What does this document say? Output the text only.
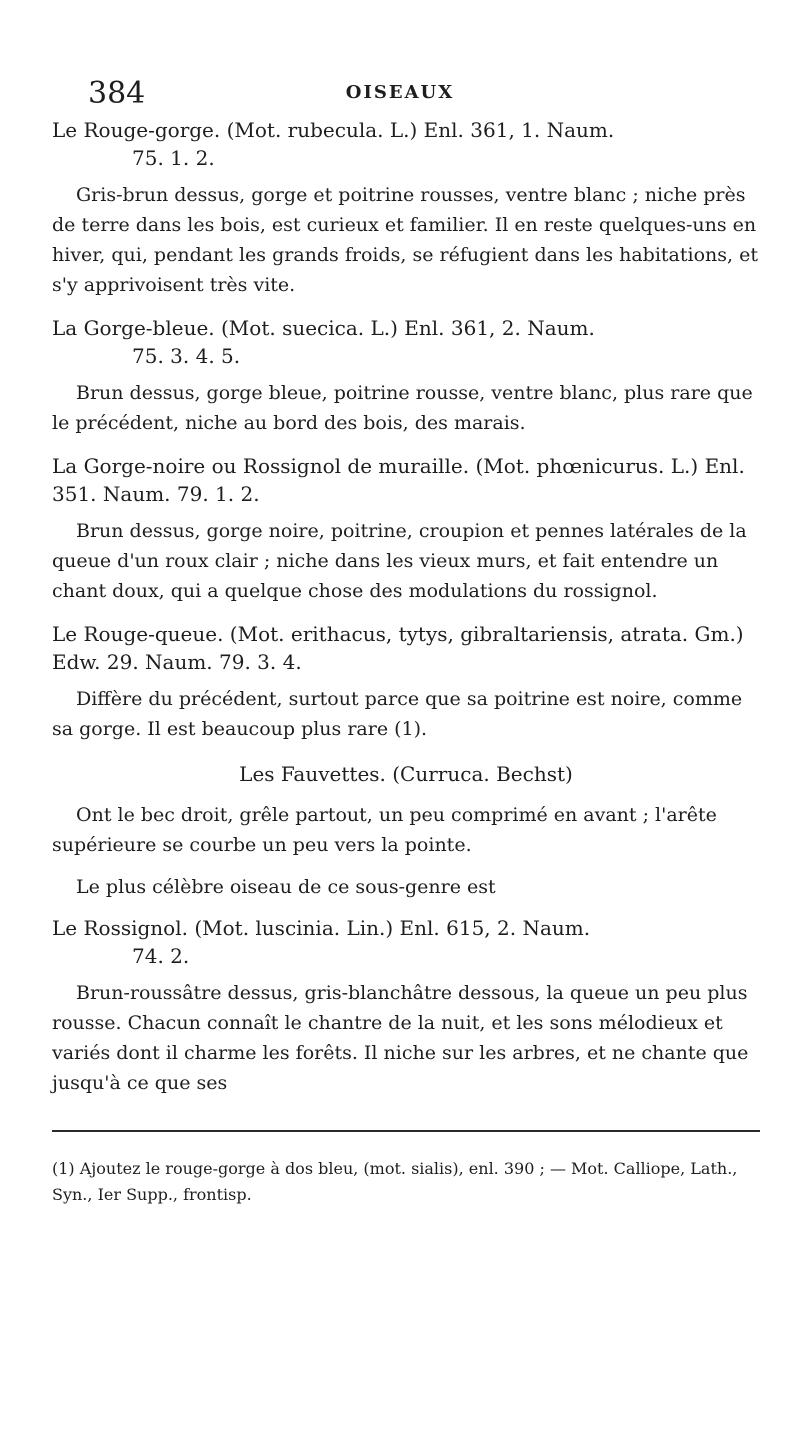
384	OISEAUX
Le Rouge-gorge. (Mot. rubecula. L.) Enl. 361, 1. Naum.
75. 1. 2.

Gris-brun dessus, gorge et poitrine rousses, ventre blanc ; niche près de terre dans les bois, est curieux et familier. Il en reste quelques-uns en hiver, qui, pendant les grands froids, se réfugient dans les habitations, et s'y apprivoisent très vite.

La Gorge-bleue. (Mot. suecica. L.) Enl. 361, 2. Naum.
75. 3. 4. 5.

Brun dessus, gorge bleue, poitrine rousse, ventre blanc, plus rare que le précédent, niche au bord des bois, des marais.

La Gorge-noire ou Rossignol de muraille. (Mot. phœnicurus. L.) Enl. 351. Naum. 79. 1. 2.

Brun dessus, gorge noire, poitrine, croupion et pennes latérales de la queue d'un roux clair ; niche dans les vieux murs, et fait entendre un chant doux, qui a quelque chose des modulations du rossignol.

Le Rouge-queue. (Mot. erithacus, tytys, gibraltariensis, atrata. Gm.) Edw. 29. Naum. 79. 3. 4.

Diffère du précédent, surtout parce que sa poitrine est noire, comme sa gorge. Il est beaucoup plus rare (1).

Les Fauvettes. (Curruca. Bechst)

Ont le bec droit, grêle partout, un peu comprimé en avant ; l'arête supérieure se courbe un peu vers la pointe.

Le plus célèbre oiseau de ce sous-genre est

Le Rossignol. (Mot. luscinia. Lin.) Enl. 615, 2. Naum.
74. 2.

Brun-roussâtre dessus, gris-blanchâtre dessous, la queue un peu plus rousse. Chacun connaît le chantre de la nuit, et les sons mélodieux et variés dont il charme les forêts. Il niche sur les arbres, et ne chante que jusqu'à ce que ses

(1) Ajoutez le rouge-gorge à dos bleu, (mot. sialis), enl. 390 ; — Mot. Calliope, Lath., Syn., Ier Supp., frontisp.
